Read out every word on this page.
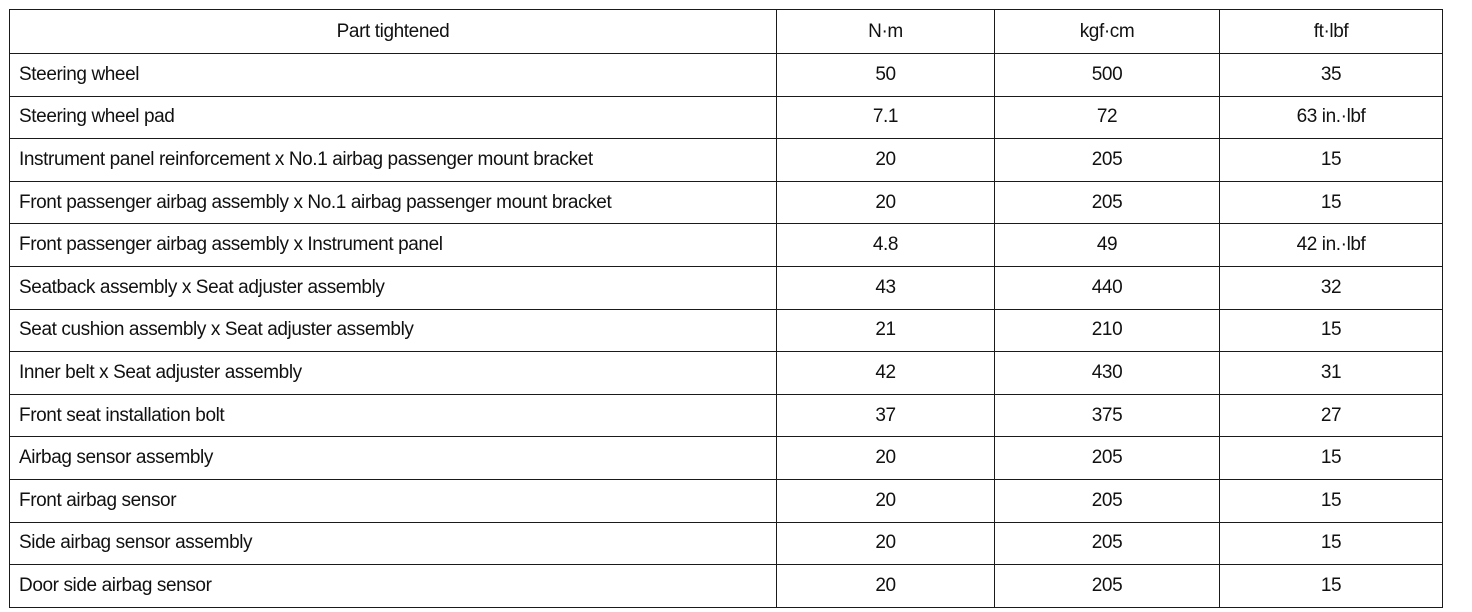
Part tightened	N·m	kgf·cm	ft·lbf
Steering wheel	50	500	35
Steering wheel pad	7.1	72	63 in.·lbf
Instrument panel reinforcement x No.1 airbag passenger mount bracket	20	205	15
Front passenger airbag assembly x No.1 airbag passenger mount bracket	20	205	15
Front passenger airbag assembly x Instrument panel	4.8	49	42 in.·lbf
Seatback assembly x Seat adjuster assembly	43	440	32
Seat cushion assembly x Seat adjuster assembly	21	210	15
Inner belt x Seat adjuster assembly	42	430	31
Front seat installation bolt	37	375	27
Airbag sensor assembly	20	205	15
Front airbag sensor	20	205	15
Side airbag sensor assembly	20	205	15
Door side airbag sensor	20	205	15
